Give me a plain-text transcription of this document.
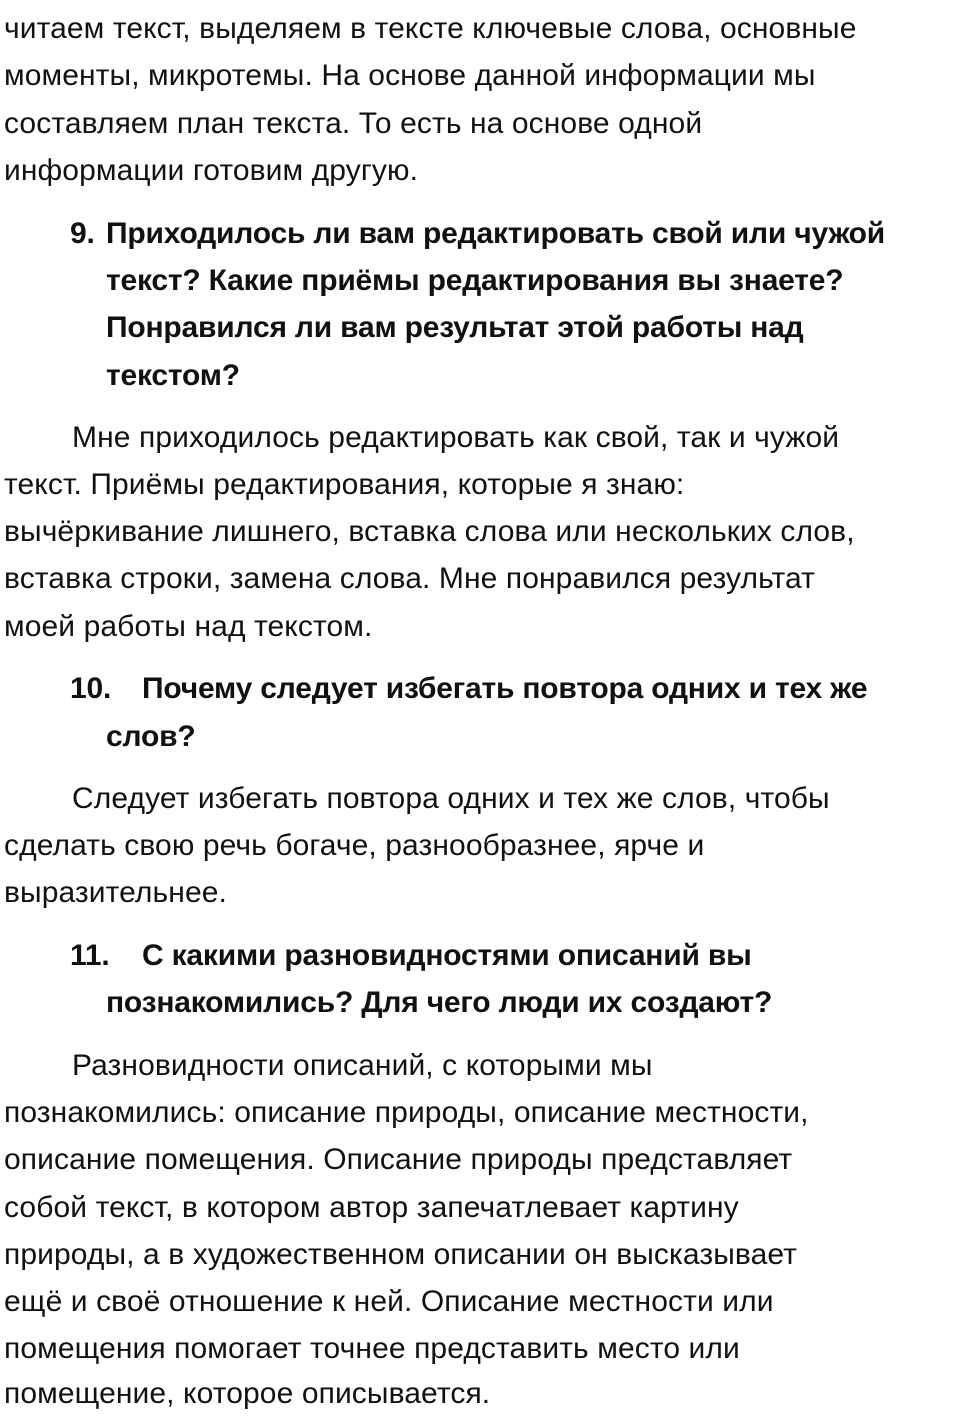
читаем текст, выделяем в тексте ключевые слова, основные
моменты, микротемы. На основе данной информации мы
составляем план текста. То есть на основе одной
информации готовим другую.
9. Приходилось ли вам редактировать свой или чужой
текст? Какие приёмы редактирования вы знаете?
Понравился ли вам результат этой работы над
текстом?
Мне приходилось редактировать как свой, так и чужой
текст. Приёмы редактирования, которые я знаю:
вычёркивание лишнего, вставка слова или нескольких слов,
вставка строки, замена слова. Мне понравился результат
моей работы над текстом.
10. Почему следует избегать повтора одних и тех же
слов?
Следует избегать повтора одних и тех же слов, чтобы
сделать свою речь богаче, разнообразнее, ярче и
выразительнее.
11. С какими разновидностями описаний вы
познакомились? Для чего люди их создают?
Разновидности описаний, с которыми мы
познакомились: описание природы, описание местности,
описание помещения. Описание природы представляет
собой текст, в котором автор запечатлевает картину
природы, а в художественном описании он высказывает
ещё и своё отношение к ней. Описание местности или
помещения помогает точнее представить место или
помещение, которое описывается.
